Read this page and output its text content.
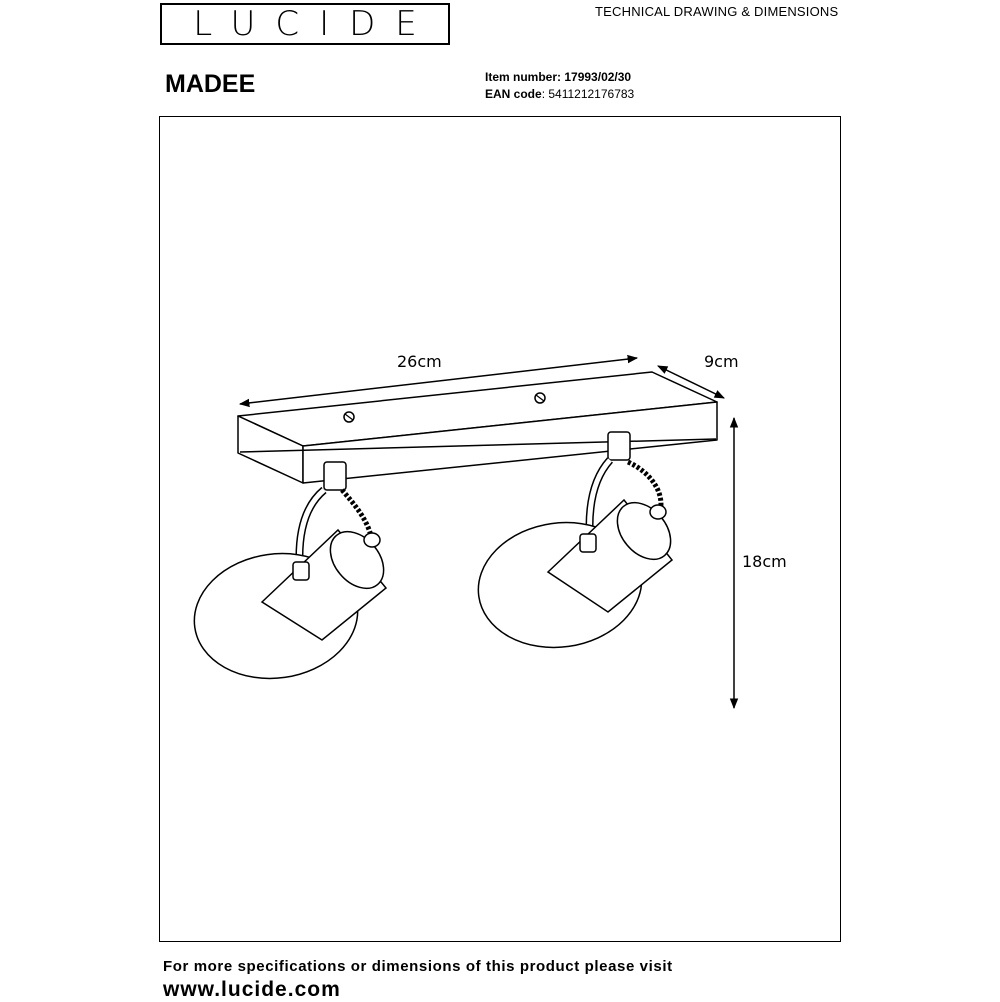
LUCIDE	TECHNICAL DRAWING & DIMENSIONS
MADEE	Item number: 17993/02/30
EAN code: 5411212176783
26cm	9cm
18cm
For more specifications or dimensions of this product please visit
www.lucide.com
